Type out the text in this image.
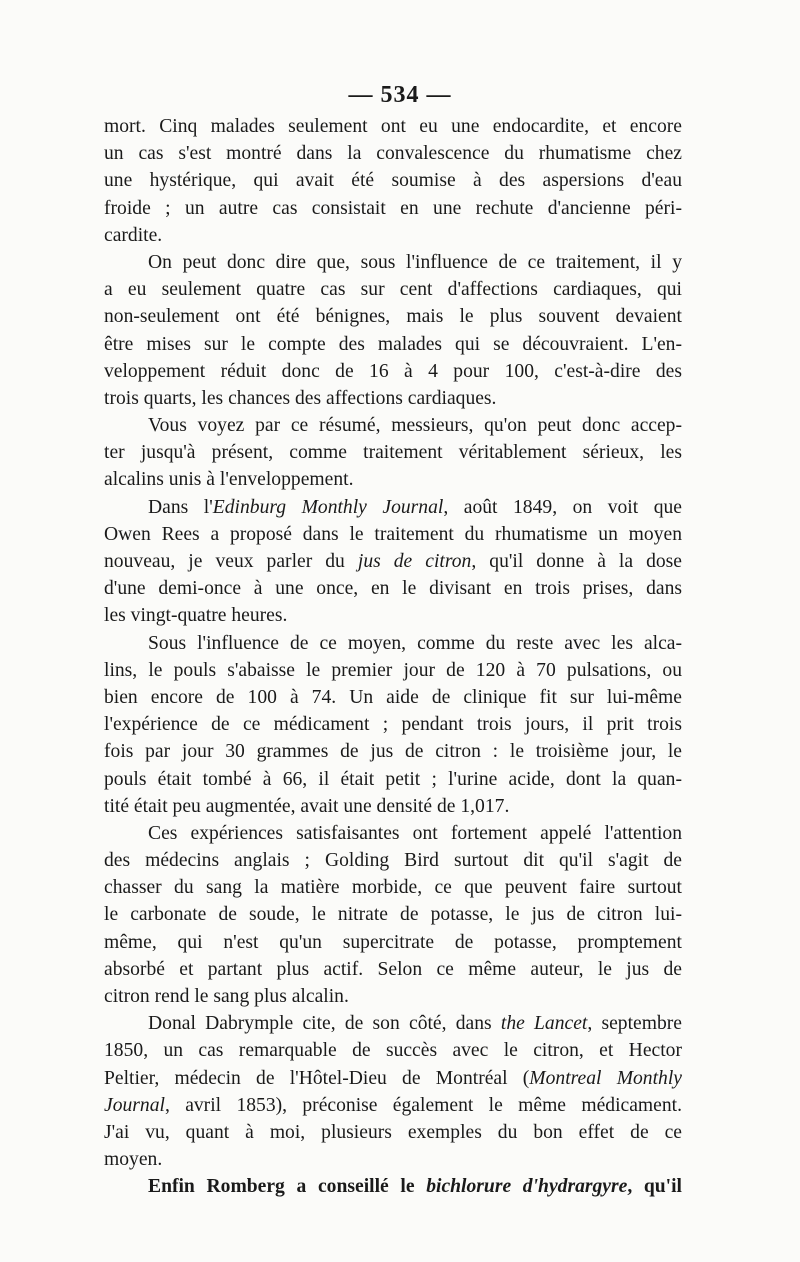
— 534 —
mort. Cinq malades seulement ont eu une endocardite, et encore
un cas s'est montré dans la convalescence du rhumatisme chez
une hystérique, qui avait été soumise à des aspersions d'eau
froide ; un autre cas consistait en une rechute d'ancienne péri-
cardite.
On peut donc dire que, sous l'influence de ce traitement, il y
a eu seulement quatre cas sur cent d'affections cardiaques, qui
non-seulement ont été bénignes, mais le plus souvent devaient
être mises sur le compte des malades qui se découvraient. L'en-
veloppement réduit donc de 16 à 4 pour 100, c'est-à-dire des
trois quarts, les chances des affections cardiaques.
Vous voyez par ce résumé, messieurs, qu'on peut donc accep-
ter jusqu'à présent, comme traitement véritablement sérieux, les
alcalins unis à l'enveloppement.
Dans l'Edinburg Monthly Journal, août 1849, on voit que
Owen Rees a proposé dans le traitement du rhumatisme un moyen
nouveau, je veux parler du jus de citron, qu'il donne à la dose
d'une demi-once à une once, en le divisant en trois prises, dans
les vingt-quatre heures.
Sous l'influence de ce moyen, comme du reste avec les alca-
lins, le pouls s'abaisse le premier jour de 120 à 70 pulsations, ou
bien encore de 100 à 74. Un aide de clinique fit sur lui-même
l'expérience de ce médicament ; pendant trois jours, il prit trois
fois par jour 30 grammes de jus de citron : le troisième jour, le
pouls était tombé à 66, il était petit ; l'urine acide, dont la quan-
tité était peu augmentée, avait une densité de 1,017.
Ces expériences satisfaisantes ont fortement appelé l'attention
des médecins anglais ; Golding Bird surtout dit qu'il s'agit de
chasser du sang la matière morbide, ce que peuvent faire surtout
le carbonate de soude, le nitrate de potasse, le jus de citron lui-
même, qui n'est qu'un supercitrate de potasse, promptement
absorbé et partant plus actif. Selon ce même auteur, le jus de
citron rend le sang plus alcalin.
Donal Dabrymple cite, de son côté, dans the Lancet, septembre
1850, un cas remarquable de succès avec le citron, et Hector
Peltier, médecin de l'Hôtel-Dieu de Montréal (Montreal Monthly
Journal, avril 1853), préconise également le même médicament.
J'ai vu, quant à moi, plusieurs exemples du bon effet de ce
moyen.
Enfin Romberg a conseillé le bichlorure d'hydrargyre, qu'il
